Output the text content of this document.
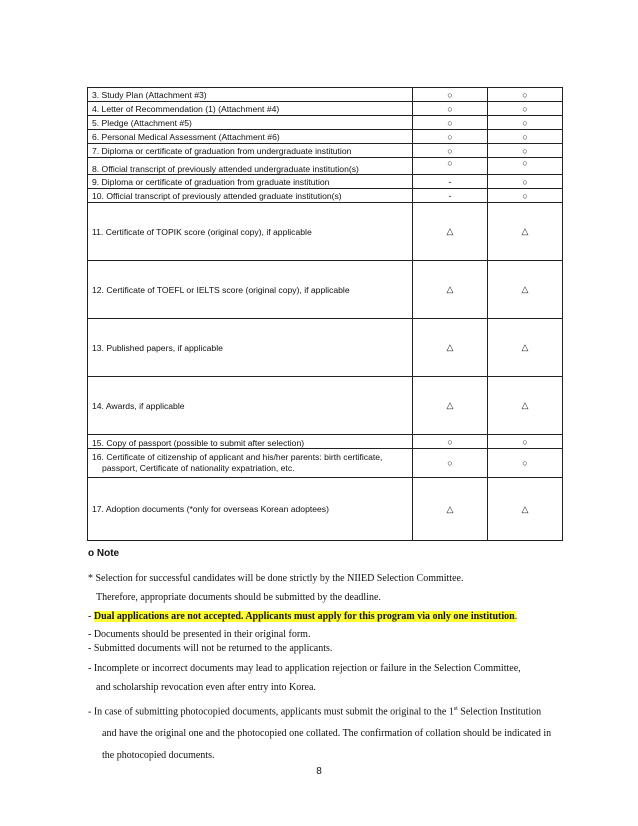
3. Study Plan (Attachment #3)	○	○
4. Letter of Recommendation (1) (Attachment #4)	○	○
5. Pledge (Attachment #5)	○	○
6. Personal Medical Assessment (Attachment #6)	○	○
7. Diploma or certificate of graduation from undergraduate institution	○	○
8. Official transcript of previously attended undergraduate institution(s)	○	○
9. Diploma or certificate of graduation from graduate institution	-	○
10. Official transcript of previously attended graduate institution(s)	-	○
11. Certificate of TOPIK score (original copy), if applicable	△	△
12. Certificate of TOEFL or IELTS score (original copy), if applicable	△	△
13. Published papers, if applicable	△	△
14. Awards, if applicable	△	△
15. Copy of passport (possible to submit after selection)	○	○

16. Certificate of citizenship of applicant and his/her parents: birth certificate,
passport, Certificate of nationality expatriation, etc.	○	○
17. Adoption documents (*only for overseas Korean adoptees)	△	△
o Note
* Selection for successful candidates will be done strictly by the NIIED Selection Committee.
Therefore, appropriate documents should be submitted by the deadline.
- Dual applications are not accepted. Applicants must apply for this program via only one institution.
- Documents should be presented in their original form.
- Submitted documents will not be returned to the applicants.
- Incomplete or incorrect documents may lead to application rejection or failure in the Selection Committee,
and scholarship revocation even after entry into Korea.
- In case of submitting photocopied documents, applicants must submit the original to the 1st Selection Institution
and have the original one and the photocopied one collated. The confirmation of collation should be indicated in
the photocopied documents.
8
